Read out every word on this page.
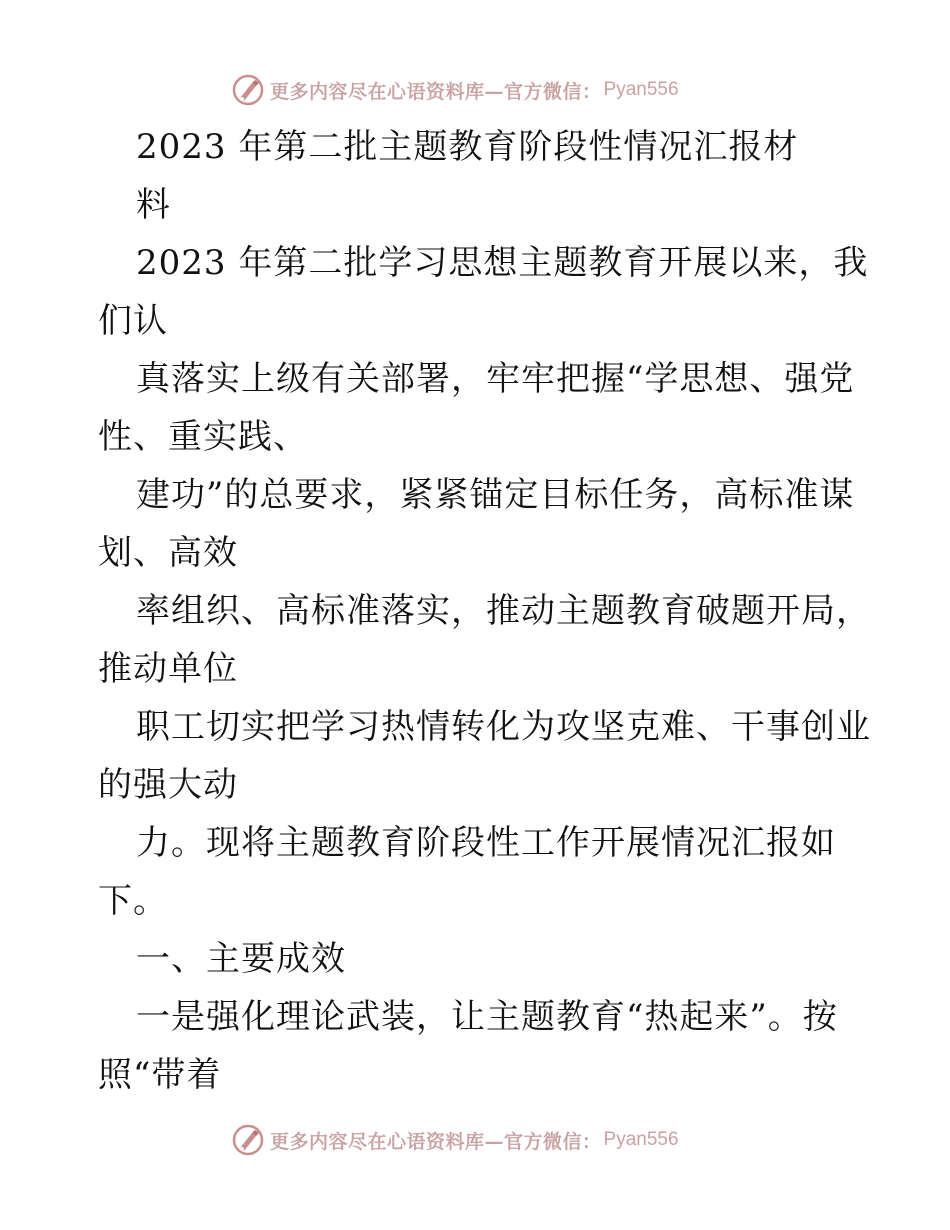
更多内容尽在心语资料库—官方微信： Pyan556
2023 年第二批主题教育阶段性情况汇报材
料
2023 年第二批学习思想主题教育开展以来，我
们认
真落实上级有关部署，牢牢把握“学思想、强党
性、重实践、
建功”的总要求，紧紧锚定目标任务，高标准谋
划、高效
率组织、高标准落实，推动主题教育破题开局，
推动单位
职工切实把学习热情转化为攻坚克难、干事创业
的强大动
力。现将主题教育阶段性工作开展情况汇报如
下。
一、主要成效
一是强化理论武装，让主题教育“热起来”。按
照“带着
更多内容尽在心语资料库—官方微信： Pyan556
